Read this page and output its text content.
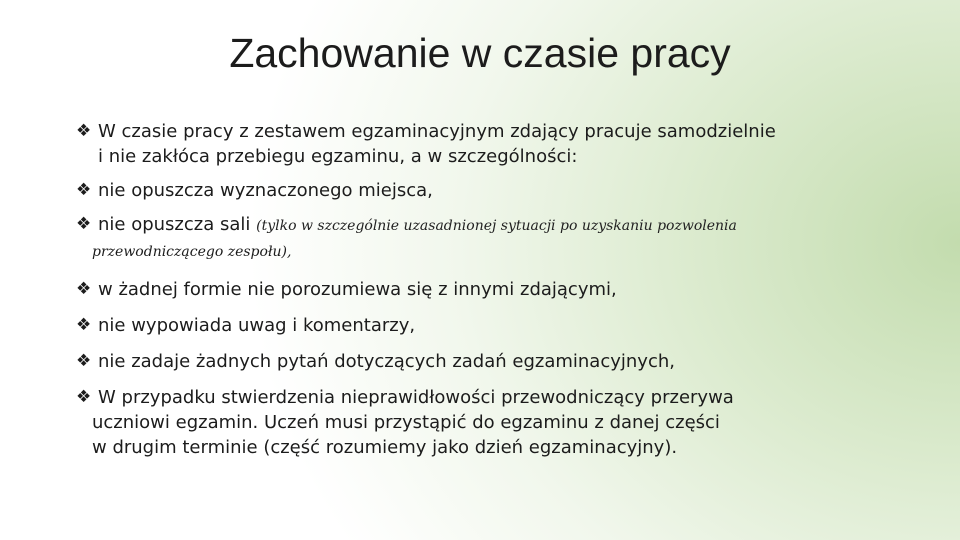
Zachowanie w czasie pracy
❖ W czasie pracy z zestawem egzaminacyjnym zdający pracuje samodzielnie
i nie zakłóca przebiegu egzaminu, a w szczególności:
❖ nie opuszcza wyznaczonego miejsca,
❖ nie opuszcza sali (tylko w szczególnie uzasadnionej sytuacji po uzyskaniu pozwolenia
przewodniczącego zespołu),
❖ w żadnej formie nie porozumiewa się z innymi zdającymi,
❖ nie wypowiada uwag i komentarzy,
❖ nie zadaje żadnych pytań dotyczących zadań egzaminacyjnych,
❖ W przypadku stwierdzenia nieprawidłowości przewodniczący przerywa
uczniowi egzamin. Uczeń musi przystąpić do egzaminu z danej części
w drugim terminie (część rozumiemy jako dzień egzaminacyjny).
